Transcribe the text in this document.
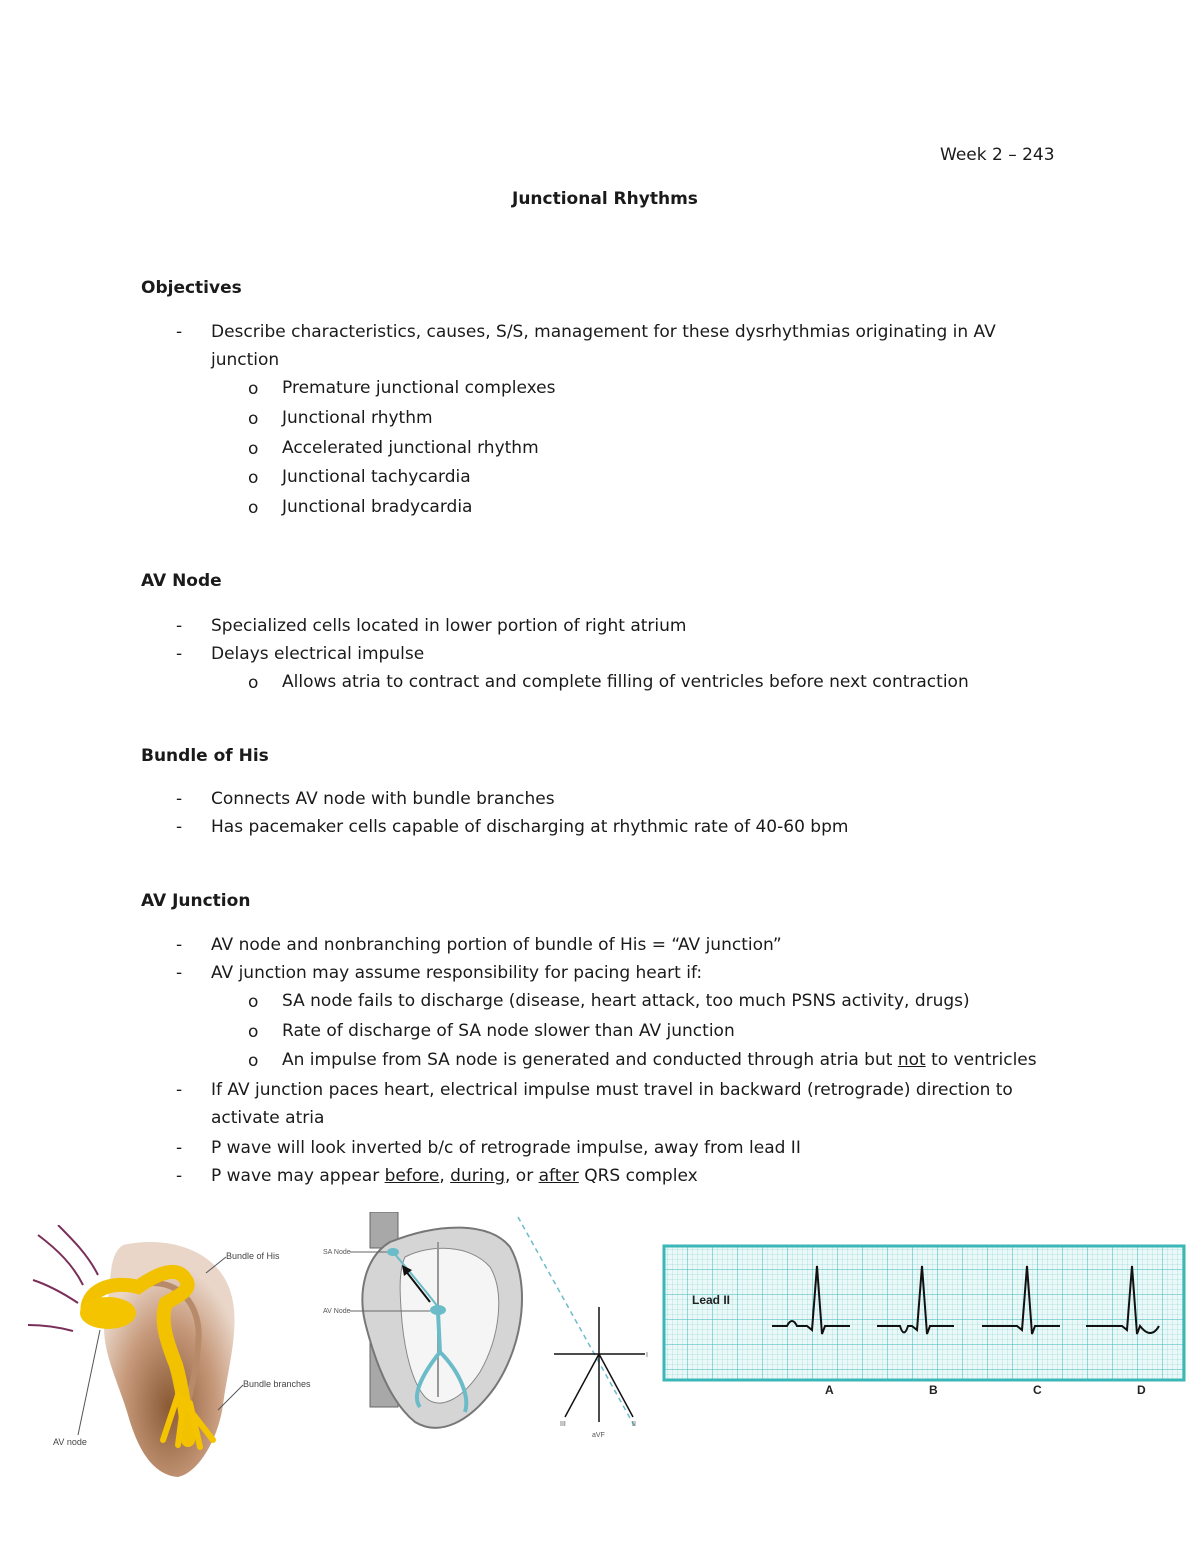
Week 2 – 243
Junctional Rhythms
Objectives
- Describe characteristics, causes, S/S, management for these dysrhythmias originating in AV
junction
o Premature junctional complexes
o Junctional rhythm
o Accelerated junctional rhythm
o Junctional tachycardia
o Junctional bradycardia
AV Node
- Specialized cells located in lower portion of right atrium
- Delays electrical impulse
o Allows atria to contract and complete filling of ventricles before next contraction
Bundle of His
- Connects AV node with bundle branches
- Has pacemaker cells capable of discharging at rhythmic rate of 40-60 bpm
AV Junction
- AV node and nonbranching portion of bundle of His = “AV junction”
- AV junction may assume responsibility for pacing heart if:
o SA node fails to discharge (disease, heart attack, too much PSNS activity, drugs)
o Rate of discharge of SA node slower than AV junction
o An impulse from SA node is generated and conducted through atria but not to ventricles
- If AV junction paces heart, electrical impulse must travel in backward (retrograde) direction to
activate atria
- P wave will look inverted b/c of retrograde impulse, away from lead II
- P wave may appear before, during, or after QRS complex
Bundle of His
Bundle branches
AV node
SA Node
AV Node
I
III	II
aVF
Lead II
A	B	C	D
